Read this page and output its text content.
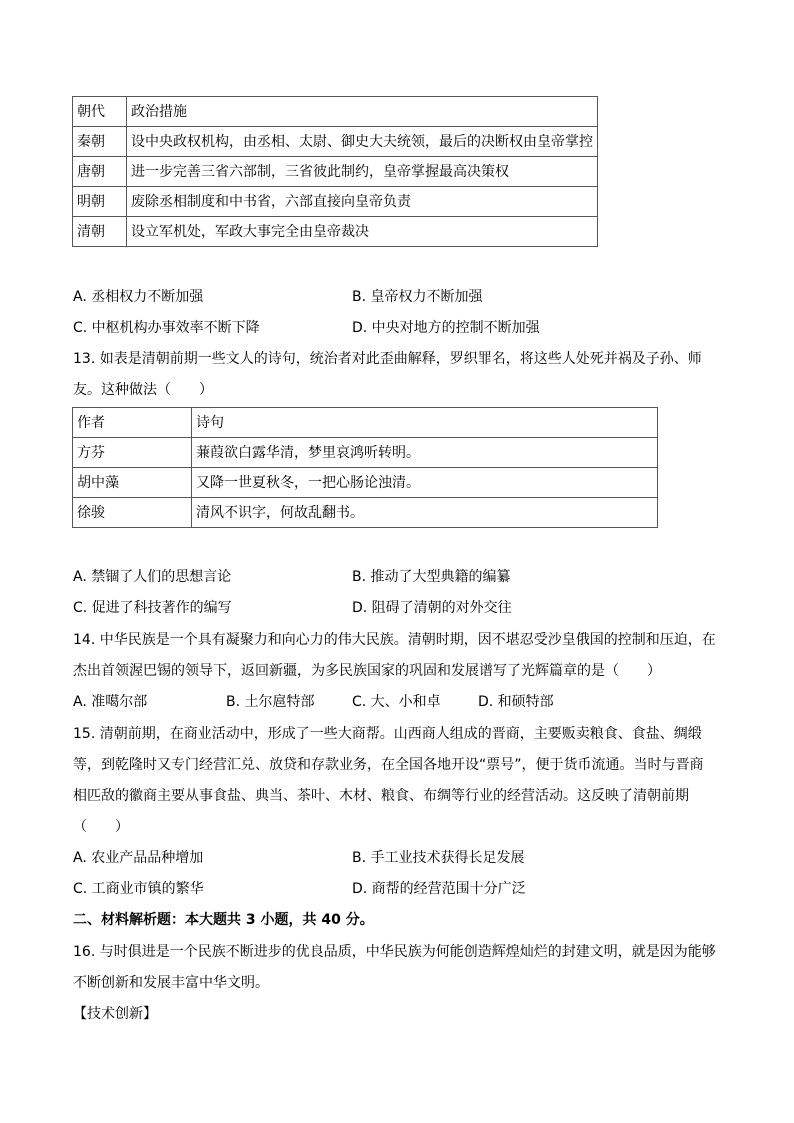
朝代	政治措施
秦朝	设中央政权机构，由丞相、太尉、御史大夫统领，最后的决断权由皇帝掌控
唐朝	进一步完善三省六部制，三省彼此制约，皇帝掌握最高决策权
明朝	废除丞相制度和中书省，六部直接向皇帝负责
清朝	设立军机处，军政大事完全由皇帝裁决
A. 丞相权力不断加强	B. 皇帝权力不断加强
C. 中枢机构办事效率不断下降	D. 中央对地方的控制不断加强
13. 如表是清朝前期一些文人的诗句，统治者对此歪曲解释，罗织罪名，将这些人处死并祸及子孙、师
友。这种做法（　　）
作者	诗句
方芬	蒹葭欲白露华清，梦里哀鸿听转明。
胡中藻	又降一世夏秋冬，一把心肠论浊清。
徐骏	清风不识字，何故乱翻书。
A. 禁锢了人们的思想言论	B. 推动了大型典籍的编纂
C. 促进了科技著作的编写	D. 阻碍了清朝的对外交往
14. 中华民族是一个具有凝聚力和向心力的伟大民族。清朝时期，因不堪忍受沙皇俄国的控制和压迫，在
杰出首领渥巴锡的领导下，返回新疆，为多民族国家的巩固和发展谱写了光辉篇章的是（　　）
A. 准噶尔部	B. 土尔扈特部	C. 大、小和卓	D. 和硕特部
15. 清朝前期，在商业活动中，形成了一些大商帮。山西商人组成的晋商，主要贩卖粮食、食盐、绸缎
等，到乾隆时又专门经营汇兑、放贷和存款业务，在全国各地开设“票号”，便于货币流通。当时与晋商
相匹敌的徽商主要从事食盐、典当、茶叶、木材、粮食、布绸等行业的经营活动。这反映了清朝前期
（　　）
A. 农业产品品种增加	B. 手工业技术获得长足发展
C. 工商业市镇的繁华	D. 商帮的经营范围十分广泛
二、材料解析题：本大题共 3 小题，共 40 分。
16. 与时俱进是一个民族不断进步的优良品质，中华民族为何能创造辉煌灿烂的封建文明，就是因为能够
不断创新和发展丰富中华文明。
【技术创新】
